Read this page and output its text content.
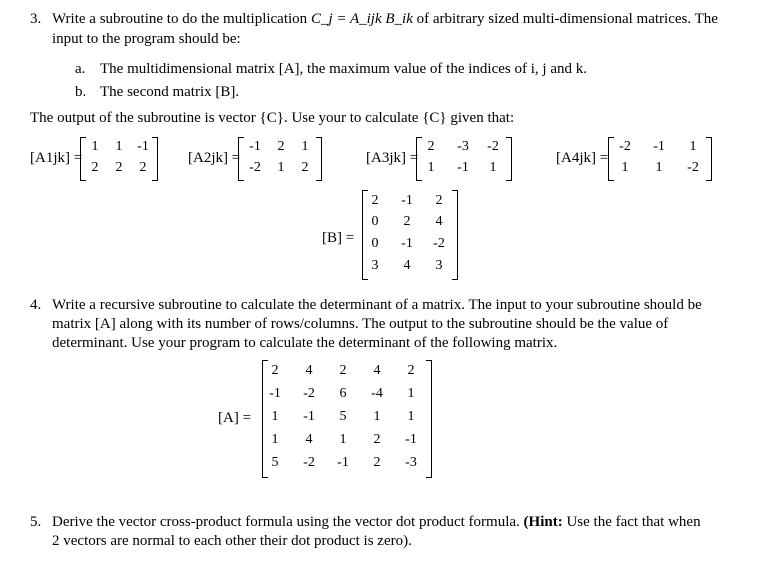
3. Write a subroutine to do the multiplication C_j = A_ijk B_ik of arbitrary sized multi-dimensional matrices. The
input to the program should be:
a. The multidimensional matrix [A], the maximum value of the indices of i, j and k.
b. The second matrix [B].
The output of the subroutine is vector {C}. Use your to calculate {C} given that:
[A1jk] =
1	1	-1
2	2	2
[A2jk] =
-1	2	1
-2	1	2
[A3jk] =
2	-3	-2
1	-1	1
[A4jk] =
-2	-1	1
1	1	-2
[B] =
2	-1	2
0	2	4
0	-1	-2
3	4	3
4. Write a recursive subroutine to calculate the determinant of a matrix. The input to your subroutine should be
matrix [A] along with its number of rows/columns. The output to the subroutine should be the value of
determinant. Use your program to calculate the determinant of the following matrix.
[A] =
2	4	2	4	2
-1	-2	6	-4	1
1	-1	5	1	1
1	4	1	2	-1
5	-2	-1	2	-3
5. Derive the vector cross-product formula using the vector dot product formula. (Hint: Use the fact that when
2 vectors are normal to each other their dot product is zero).
